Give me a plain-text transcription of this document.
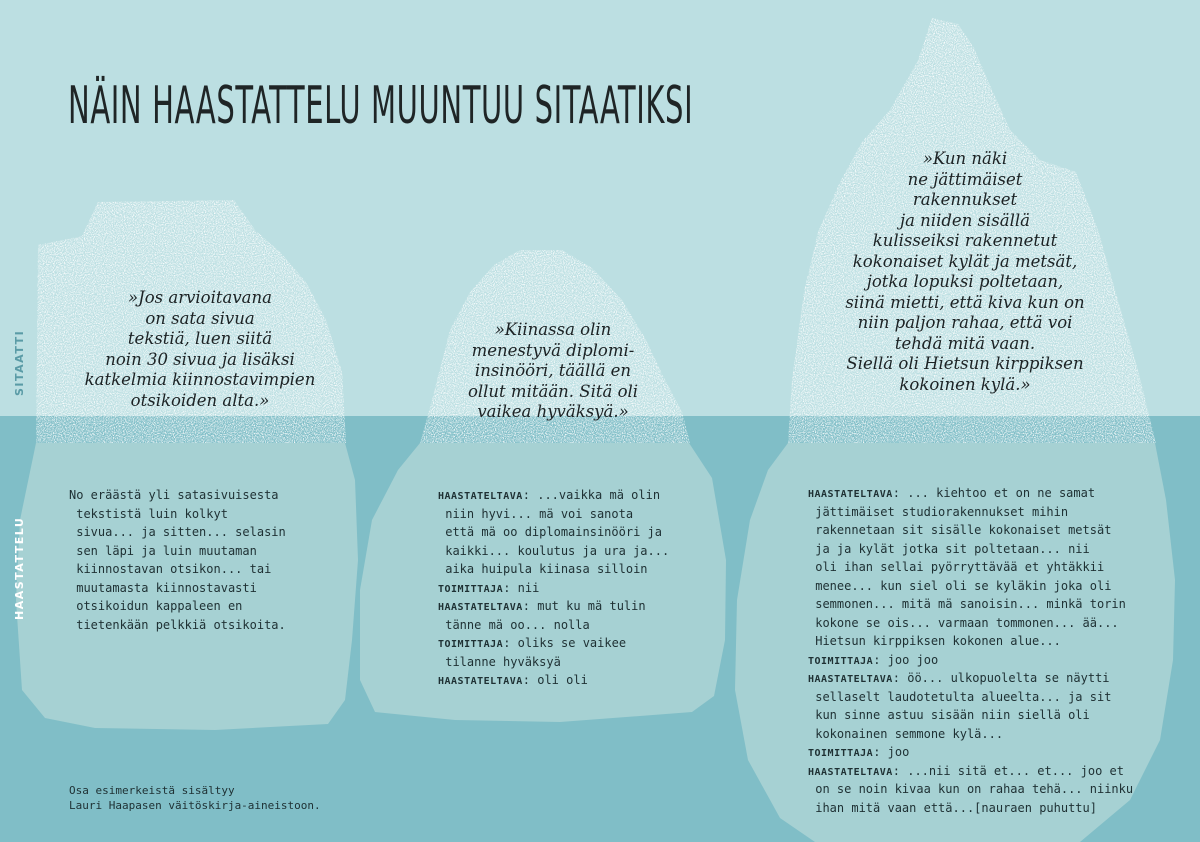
NÄIN HAASTATTELU MUUNTUU SITAATIKSI
SITAATTI
HAASTATTELU
»Jos arvioitavana
on sata sivua
tekstiä, luen siitä
noin 30 sivua ja lisäksi
katkelmia kiinnostavimpien
otsikoiden alta.»
»Kiinassa olin
menestyvä diplomi-
insinööri, täällä en
ollut mitään. Sitä oli
vaikea hyväksyä.»
»Kun näki
ne jättimäiset
rakennukset
ja niiden sisällä
kulisseiksi rakennetut
kokonaiset kylät ja metsät,
jotka lopuksi poltetaan,
siinä mietti, että kiva kun on
niin paljon rahaa, että voi
tehdä mitä vaan.
Siellä oli Hietsun kirppiksen
kokoinen kylä.»
No eräästä yli satasivuisesta
tekstistä luin kolkyt
sivua... ja sitten... selasin
sen läpi ja luin muutaman
kiinnostavan otsikon... tai
muutamasta kiinnostavasti
otsikoidun kappaleen en
tietenkään pelkkiä otsikoita.
HAASTATELTAVA: ...vaikka mä olin
niin hyvi... mä voi sanota
että mä oo diplomainsinööri ja
kaikki... koulutus ja ura ja...
aika huipula kiinasa silloin
TOIMITTAJA: nii
HAASTATELTAVA: mut ku mä tulin
tänne mä oo... nolla
TOIMITTAJA: oliks se vaikee
tilanne hyväksyä
HAASTATELTAVA: oli oli
HAASTATELTAVA: ... kiehtoo et on ne samat
jättimäiset studiorakennukset mihin
rakennetaan sit sisälle kokonaiset metsät
ja ja kylät jotka sit poltetaan... nii
oli ihan sellai pyörryttävää et yhtäkkii
menee... kun siel oli se kyläkin joka oli
semmonen... mitä mä sanoisin... minkä torin
kokone se ois... varmaan tommonen... ää...
Hietsun kirppiksen kokonen alue...
TOIMITTAJA: joo joo
HAASTATELTAVA: öö... ulkopuolelta se näytti
sellaselt laudotetulta alueelta... ja sit
kun sinne astuu sisään niin siellä oli
kokonainen semmone kylä...
TOIMITTAJA: joo
HAASTATELTAVA: ...nii sitä et... et... joo et
on se noin kivaa kun on rahaa tehä... niinku
ihan mitä vaan että...[nauraen puhuttu]
Osa esimerkeistä sisältyy
Lauri Haapasen väitöskirja-aineistoon.
